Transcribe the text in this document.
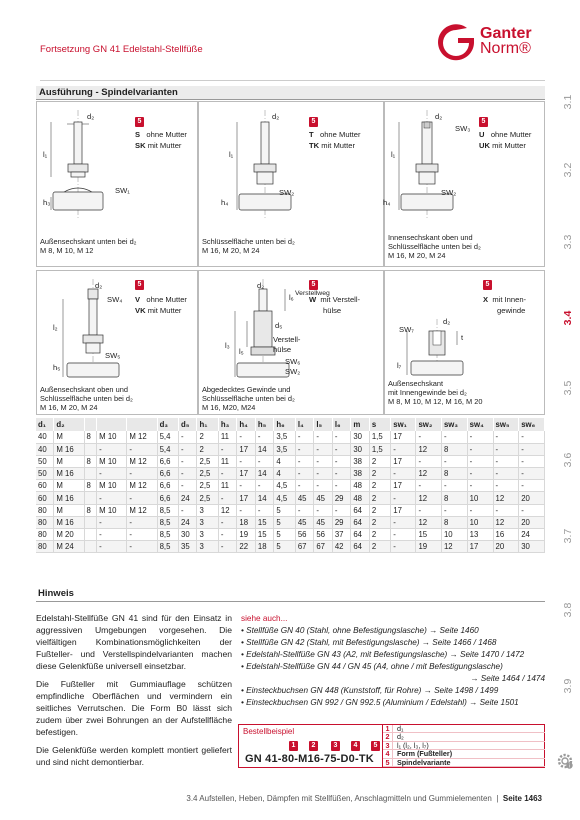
Fortsetzung GN 41 Edelstahl-Stellfüße
Ganter
Norm®
3.1
3.2
3.3
3.4
3.5
3.6
3.7
3.8
3.9
i
Ausführung - Spindelvarianten
d₂
l₁
h₃
SW₁
5
S ohne Mutter
SK mit Mutter
Außensechskant unten bei d₂
M 8, M 10, M 12
d₂
l₁
h₄
SW₂
5
T ohne Mutter
TK mit Mutter
Schlüsselfläche unten bei d₂
M 16, M 20, M 24
d₂
SW₃
l₁
h₄
SW₂
5
U ohne Mutter
UK mit Mutter
Innensechskant oben und
Schlüsselfläche unten bei d₂
M 16, M 20, M 24
d₂
SW₄
l₂
h₅
SW₅
5
V ohne Mutter
VK mit Mutter
Außensechskant oben und
Schlüsselfläche unten bei d₂
M 16, M 20, M 24
d₂
l₆ Verstellweg
d₅
l₃
l₅
Verstell-
hülse
SW₆
SW₂
5
W mit Verstell-
hülse
Abgedecktes Gewinde und
Schlüsselfläche unten bei d₂
M 16, M20, M24
d₂
SW₇
l₇
t
5
X mit Innen-
gewinde
Außensechskant
mit Innengewinde bei d₂
M 8, M 10, M 12, M 16, M 20
d₁	d₂				d₃	d₅	h₁	h₃	h₄	h₅	h₆	l₄	l₅	l₆	m	s	sw₁	sw₂	sw₃	sw₄	sw₅	sw₆
40	M	8	M 10	M 12	5,4	-	2	11	-	-	3,5	-	-	-	30	1,5	17	-	-	-	-	-
40	M 16		-	-	5,4	-	2	-	17	14	3,5	-	-	-	30	1,5	-	12	8	-	-	-
50	M	8	M 10	M 12	6,6	-	2,5	11	-	-	4	-	-	-	38	2	17	-	-	-	-	-
50	M 16		-	-	6,6	-	2,5	-	17	14	4	-	-	-	38	2	-	12	8	-	-	-
60	M	8	M 10	M 12	6,6	-	2,5	11	-	-	4,5	-	-	-	48	2	17	-	-	-	-	-
60	M 16		-	-	6,6	24	2,5	-	17	14	4,5	45	45	29	48	2	-	12	8	10	12	20
80	M	8	M 10	M 12	8,5	-	3	12	-	-	5	-	-	-	64	2	17	-	-	-	-	-
80	M 16		-	-	8,5	24	3	-	18	15	5	45	45	29	64	2	-	12	8	10	12	20
80	M 20		-	-	8,5	30	3	-	19	15	5	56	56	37	64	2	-	15	10	13	16	24
80	M 24		-	-	8,5	35	3	-	22	18	5	67	67	42	64	2	-	19	12	17	20	30
Hinweis

Edelstahl-Stellfüße GN 41 sind für den Einsatz in aggressiven Umgebungen vorgesehen. Die vielfältigen Kombinationsmöglichkeiten der Fußteller- und Verstellspindelvarianten machen diese Gelenkfüße universell einsetzbar.

Die Fußteller mit Gummiauflage schützen empfindliche Oberflächen und vermindern ein seitliches Verrutschen. Die Form B0 lässt sich zudem über zwei Bohrungen an der Aufstellfläche befestigen.

Die Gelenkfüße werden komplett montiert geliefert und sind nicht demontierbar.

siehe auch...
• Stellfüße GN 40 (Stahl, ohne Befestigungslasche) → Seite 1460
• Stellfüße GN 42 (Stahl, mit Befestigungslasche) → Seite 1466 / 1468
• Edelstahl-Stellfüße GN 43 (A2, mit Befestigungslasche) → Seite 1470 / 1472
• Edelstahl-Stellfüße GN 44 / GN 45 (A4, ohne / mit Befestigungslasche)
→ Seite 1464 / 1474
• Einsteckbuchsen GN 448 (Kunststoff, für Rohre) → Seite 1498 / 1499
• Einsteckbuchsen GN 992 / GN 992.5 (Aluminium / Edelstahl) → Seite 1501
Bestellbeispiel
1	2	3	4	5
GN 41-80-M16-75-D0-TK
1	d₁
2	d₂
3	l₁ (l₂, l₃, l₇)
4	Form (Fußteller)
5	Spindelvariante
3.4 Aufstellen, Heben, Dämpfen mit Stellfüßen, Anschlagmitteln und Gummielementen | Seite 1463
